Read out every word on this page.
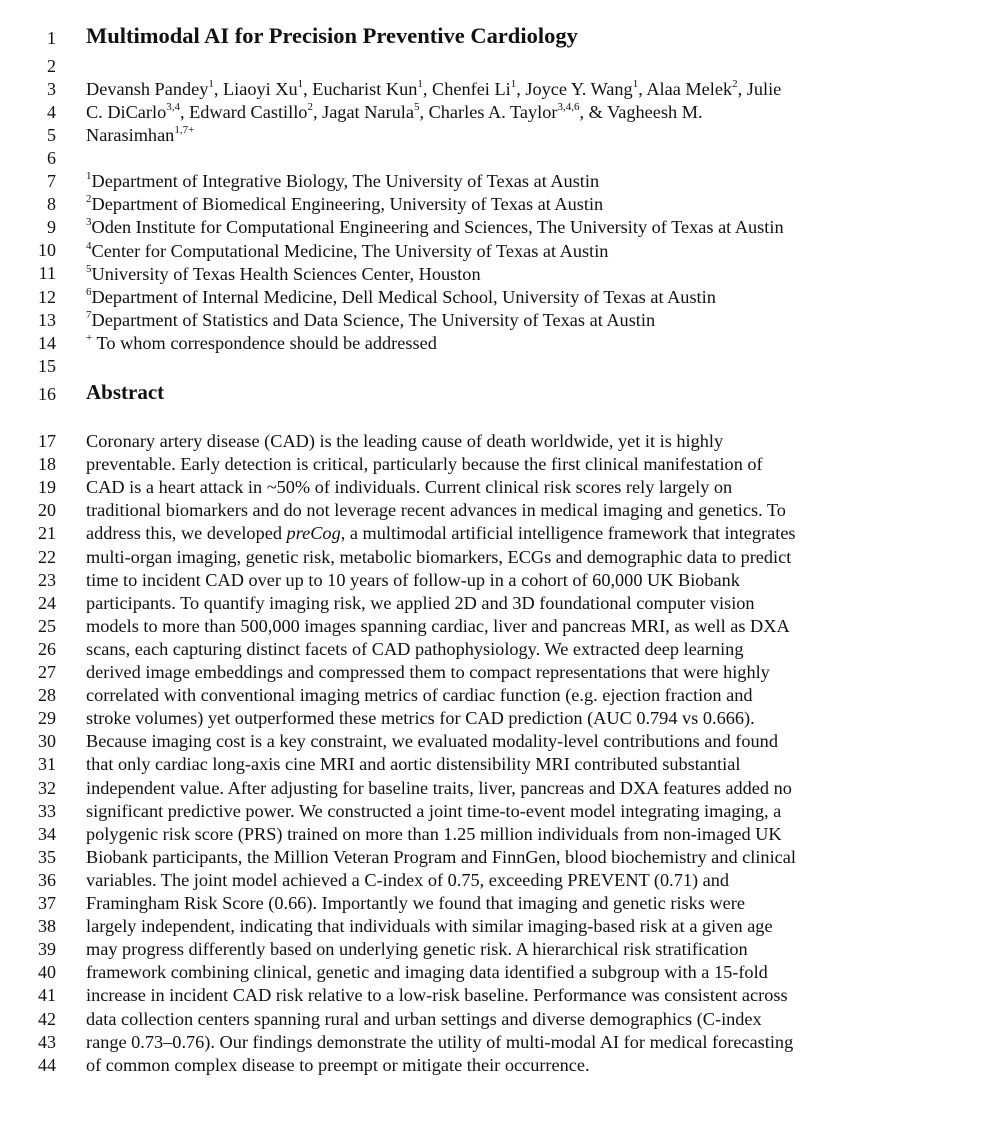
1
2
3
4
5
6
7
8
9
10
11
12
13
14
15
16
17
18
19
20
21
22
23
24
25
26
27
28
29
30
31
32
33
34
35
36
37
38
39
40
41
42
43
44
Multimodal AI for Precision Preventive Cardiology
Devansh Pandey$^1$, Liaoyi Xu$^1$, Eucharist Kun$^1$, Chenfei Li$^1$, Joyce Y. Wang$^1$, Alaa Melek$^2$, Julie
C. DiCarlo$^{3,4}$, Edward Castillo$^2$, Jagat Narula$^5$, Charles A. Taylor$^{3,4,6}$, & Vagheesh M.
Narasimhan$^{1,7+}$
$^1$Department of Integrative Biology, The University of Texas at Austin
$^2$Department of Biomedical Engineering, University of Texas at Austin
$^3$Oden Institute for Computational Engineering and Sciences, The University of Texas at Austin
$^4$Center for Computational Medicine, The University of Texas at Austin
$^5$University of Texas Health Sciences Center, Houston
$^6$Department of Internal Medicine, Dell Medical School, University of Texas at Austin
$^7$Department of Statistics and Data Science, The University of Texas at Austin
+ To whom correspondence should be addressed
Abstract
Coronary artery disease (CAD) is the leading cause of death worldwide, yet it is highly
preventable. Early detection is critical, particularly because the first clinical manifestation of
CAD is a heart attack in ~50% of individuals. Current clinical risk scores rely largely on
traditional biomarkers and do not leverage recent advances in medical imaging and genetics. To
address this, we developed preCog, a multimodal artificial intelligence framework that integrates
multi-organ imaging, genetic risk, metabolic biomarkers, ECGs and demographic data to predict
time to incident CAD over up to 10 years of follow-up in a cohort of 60,000 UK Biobank
participants. To quantify imaging risk, we applied 2D and 3D foundational computer vision
models to more than 500,000 images spanning cardiac, liver and pancreas MRI, as well as DXA
scans, each capturing distinct facets of CAD pathophysiology. We extracted deep learning
derived image embeddings and compressed them to compact representations that were highly
correlated with conventional imaging metrics of cardiac function (e.g. ejection fraction and
stroke volumes) yet outperformed these metrics for CAD prediction (AUC 0.794 vs 0.666).
Because imaging cost is a key constraint, we evaluated modality-level contributions and found
that only cardiac long-axis cine MRI and aortic distensibility MRI contributed substantial
independent value. After adjusting for baseline traits, liver, pancreas and DXA features added no
significant predictive power. We constructed a joint time-to-event model integrating imaging, a
polygenic risk score (PRS) trained on more than 1.25 million individuals from non-imaged UK
Biobank participants, the Million Veteran Program and FinnGen, blood biochemistry and clinical
variables. The joint model achieved a C-index of 0.75, exceeding PREVENT (0.71) and
Framingham Risk Score (0.66). Importantly we found that imaging and genetic risks were
largely independent, indicating that individuals with similar imaging-based risk at a given age
may progress differently based on underlying genetic risk. A hierarchical risk stratification
framework combining clinical, genetic and imaging data identified a subgroup with a 15-fold
increase in incident CAD risk relative to a low-risk baseline. Performance was consistent across
data collection centers spanning rural and urban settings and diverse demographics (C-index
range 0.73–0.76). Our findings demonstrate the utility of multi-modal AI for medical forecasting
of common complex disease to preempt or mitigate their occurrence.
